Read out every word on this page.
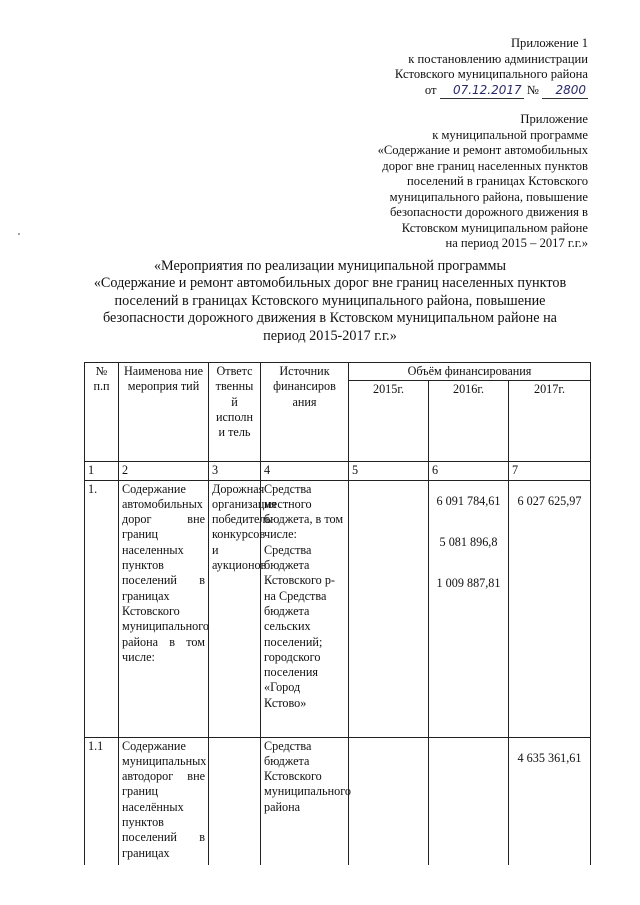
Приложение 1
к постановлению администрации
Кстовского муниципального района
от 07.12.2017 № 2800
Приложение
к муниципальной программе
«Содержание и ремонт автомобильных
дорог вне границ населенных пунктов
поселений в границах Кстовского
муниципального района, повышение
безопасности дорожного движения в
Кстовском муниципальном районе
на период 2015 – 2017 г.г.»
«Мероприятия по реализации муниципальной программы
«Содержание и ремонт автомобильных дорог вне границ населенных пунктов
поселений в границах Кстовского муниципального района, повышение
безопасности дорожного движения в Кстовском муниципальном районе на
период 2015-2017 г.г.»
№ п.п	Наименова ние мероприя тий	Ответс твенны й исполн и тель	Источник финансиров ания	Объём финансирования		
				2015г.	2016г.	2017г.
1	2	3	4	5	6	7
1.	Содержание автомобильных дорог вне границ населенных пунктов поселений в границах Кстовского муниципального района в том числе:	Дорожная организация победитель конкурсов и аукционов	Средства местного бюджета, в том числе: Средства бюджета Кстовского р-на Средства бюджета сельских поселений; городского поселения «Город Кстово»		6 091 784,61
5 081 896,8
1 009 887,81	6 027 625,97

1.1	Содержание муниципальных автодорог вне границ населённых пунктов поселений в границах		Средства бюджета Кстовского муниципального района			4 635 361,61
